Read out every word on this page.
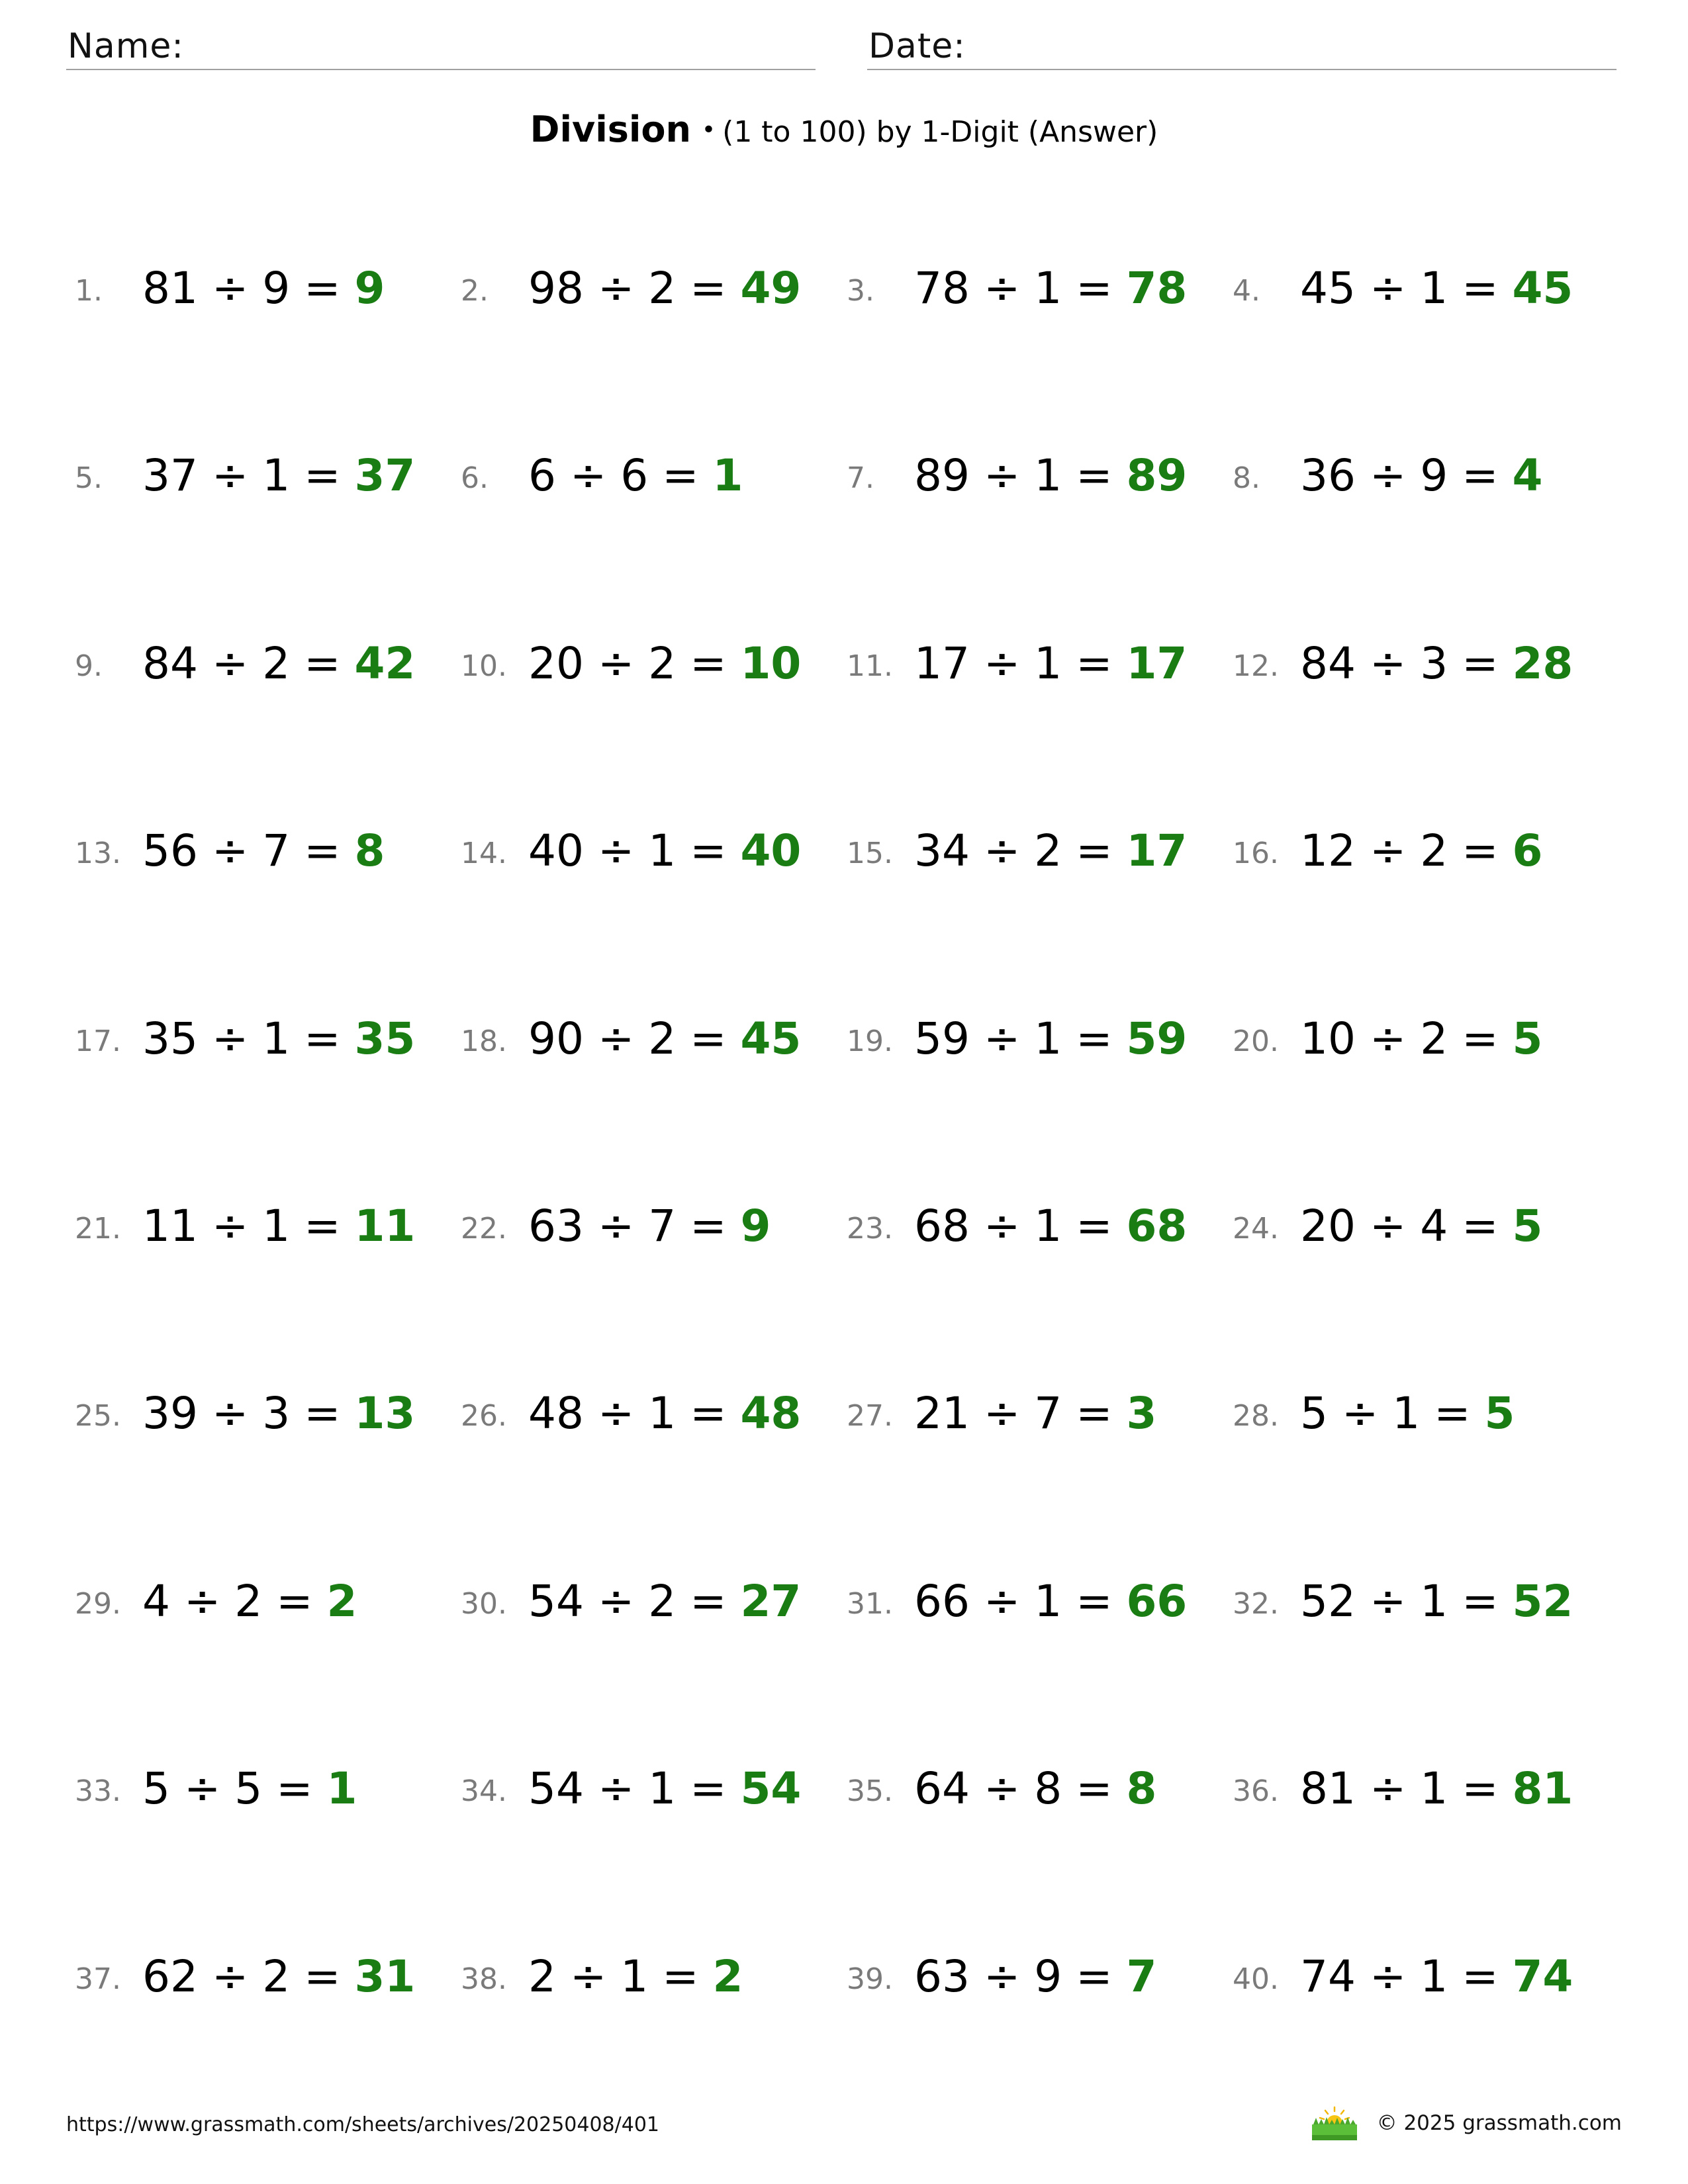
Name:	Date:
Division • (1 to 100) by 1-Digit (Answer)
1. 81 ÷ 9 = 9	2. 98 ÷ 2 = 49 3. 78 ÷ 1 = 78 4. 45 ÷ 1 = 45
5. 37 ÷ 1 = 37 6. 6 ÷ 6 = 1	7. 89 ÷ 1 = 89 8. 36 ÷ 9 = 4
9. 84 ÷ 2 = 42 10. 20 ÷ 2 = 10 11. 17 ÷ 1 = 17 12. 84 ÷ 3 = 28
13. 56 ÷ 7 = 8	14. 40 ÷ 1 = 40 15. 34 ÷ 2 = 17 16. 12 ÷ 2 = 6
17. 35 ÷ 1 = 35 18. 90 ÷ 2 = 45 19. 59 ÷ 1 = 59 20. 10 ÷ 2 = 5
21. 11 ÷ 1 = 11 22. 63 ÷ 7 = 9	23. 68 ÷ 1 = 68 24. 20 ÷ 4 = 5
25. 39 ÷ 3 = 13 26. 48 ÷ 1 = 48 27. 21 ÷ 7 = 3	28. 5 ÷ 1 = 5
29. 4 ÷ 2 = 2	30. 54 ÷ 2 = 27 31. 66 ÷ 1 = 66 32. 52 ÷ 1 = 52
33. 5 ÷ 5 = 1	34. 54 ÷ 1 = 54 35. 64 ÷ 8 = 8	36. 81 ÷ 1 = 81
37. 62 ÷ 2 = 31 38. 2 ÷ 1 = 2	39. 63 ÷ 9 = 7	40. 74 ÷ 1 = 74
https://www.grassmath.com/sheets/archives/20250408/401	© 2025 grassmath.com
